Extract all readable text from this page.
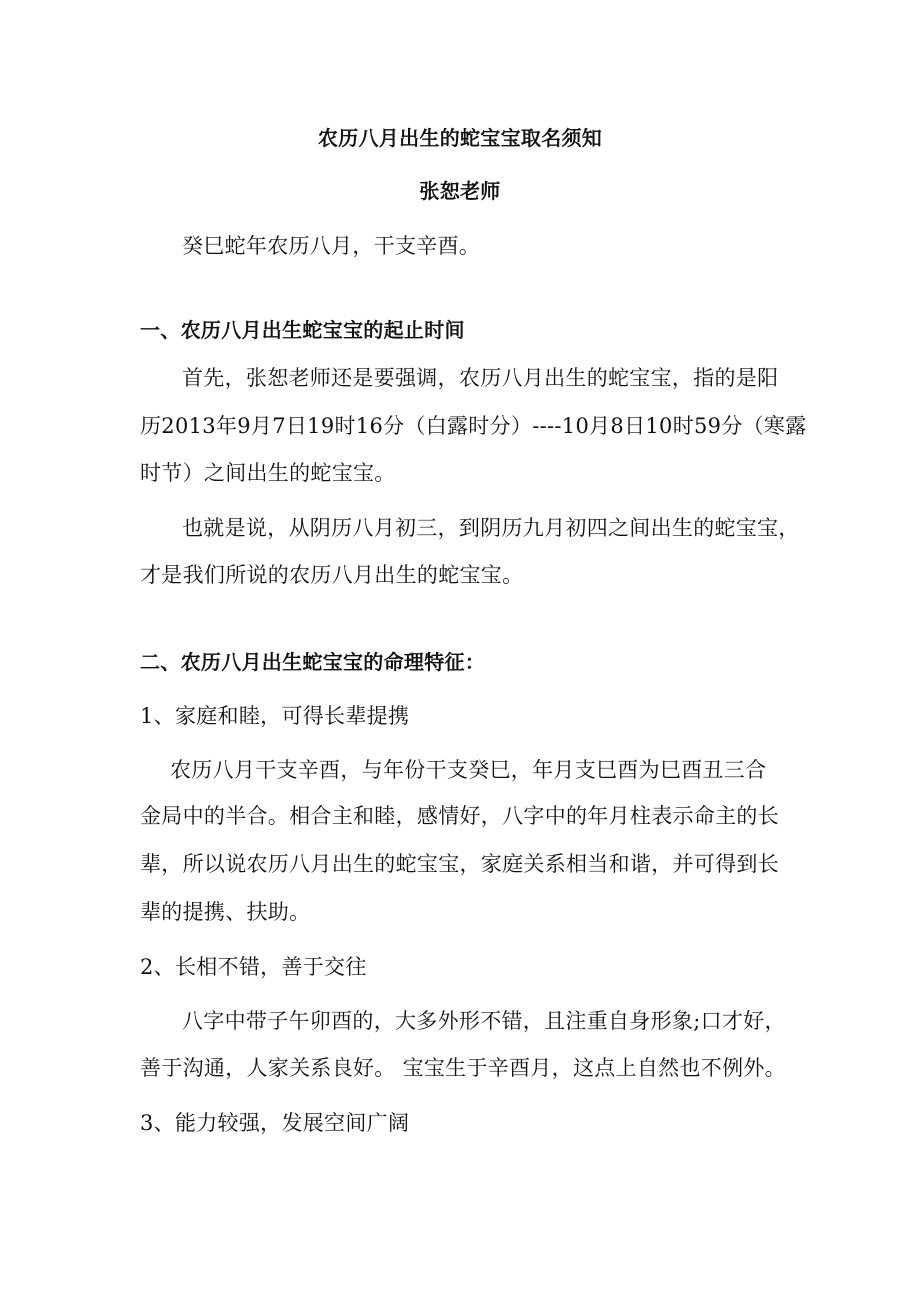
农历八月出生的蛇宝宝取名须知
张恕老师
癸巳蛇年农历八月，干支辛酉。
一、农历八月出生蛇宝宝的起止时间
首先，张恕老师还是要强调，农历八月出生的蛇宝宝，指的是阳
历2013年9月7日19时16分（白露时分）----10月8日10时59分（寒露
时节）之间出生的蛇宝宝。
也就是说，从阴历八月初三，到阴历九月初四之间出生的蛇宝宝，
才是我们所说的农历八月出生的蛇宝宝。
二、农历八月出生蛇宝宝的命理特征：
1、家庭和睦，可得长辈提携
农历八月干支辛酉，与年份干支癸巳，年月支巳酉为巳酉丑三合
金局中的半合。相合主和睦，感情好，八字中的年月柱表示命主的长
辈，所以说农历八月出生的蛇宝宝，家庭关系相当和谐，并可得到长
辈的提携、扶助。
2、长相不错，善于交往
八字中带子午卯酉的，大多外形不错，且注重自身形象;口才好，
善于沟通，人家关系良好。 宝宝生于辛酉月，这点上自然也不例外。
3、能力较强，发展空间广阔
